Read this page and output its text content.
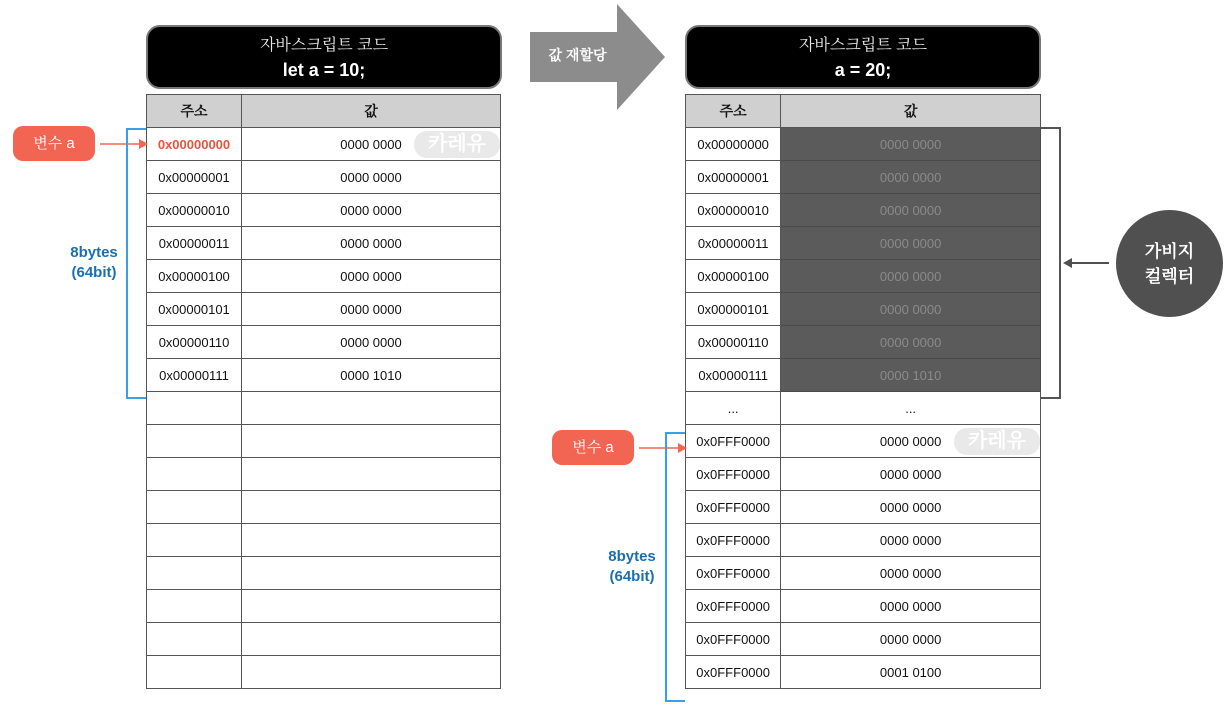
자바스크립트 코드
let a = 10;
주소	값
0x00000000	0000 0000 카레유

0x00000001	0000 0000
0x00000010	0000 0000
0x00000011	0000 0000
0x00000100	0000 0000
0x00000101	0000 0000
0x00000110	0000 0000
0x00000111	0000 1010

변수 a
8bytes
(64bit)
값 재할당
자바스크립트 코드
a = 20;
주소	값
0x00000000	0000 0000
0x00000001	0000 0000
0x00000010	0000 0000
0x00000011	0000 0000
0x00000100	0000 0000
0x00000101	0000 0000
0x00000110	0000 0000
0x00000111	0000 1010
...	...
0x0FFF0000	0000 0000 카레유

0x0FFF0000	0000 0000
0x0FFF0000	0000 0000
0x0FFF0000	0000 0000
0x0FFF0000	0000 0000
0x0FFF0000	0000 0000
0x0FFF0000	0000 0000
0x0FFF0000	0001 0100
변수 a
8bytes
(64bit)
가비지
컬렉터
